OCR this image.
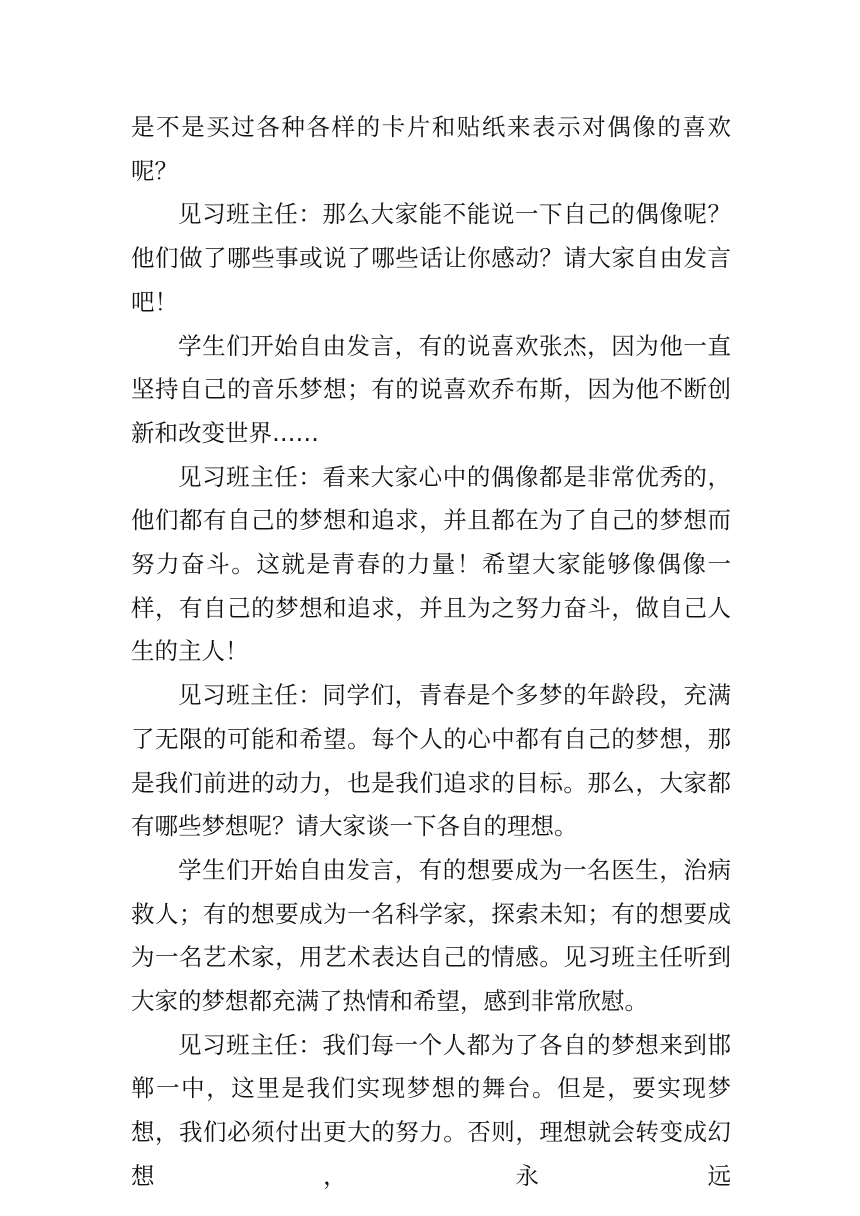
是不是买过各种各样的卡片和贴纸来表示对偶像的喜欢呢？

见习班主任：那么大家能不能说一下自己的偶像呢？他们做了哪些事或说了哪些话让你感动？请大家自由发言吧！

学生们开始自由发言，有的说喜欢张杰，因为他一直坚持自己的音乐梦想；有的说喜欢乔布斯，因为他不断创新和改变世界……

见习班主任：看来大家心中的偶像都是非常优秀的，他们都有自己的梦想和追求，并且都在为了自己的梦想而努力奋斗。这就是青春的力量！希望大家能够像偶像一样，有自己的梦想和追求，并且为之努力奋斗，做自己人生的主人！

见习班主任：同学们，青春是个多梦的年龄段，充满了无限的可能和希望。每个人的心中都有自己的梦想，那是我们前进的动力，也是我们追求的目标。那么，大家都有哪些梦想呢？请大家谈一下各自的理想。

学生们开始自由发言，有的想要成为一名医生，治病救人；有的想要成为一名科学家，探索未知；有的想要成为一名艺术家，用艺术表达自己的情感。见习班主任听到大家的梦想都充满了热情和希望，感到非常欣慰。

见习班主任：我们每一个人都为了各自的梦想来到邯郸一中，这里是我们实现梦想的舞台。但是，要实现梦想，我们必须付出更大的努力。否则，理想就会转变成幻想，永远
